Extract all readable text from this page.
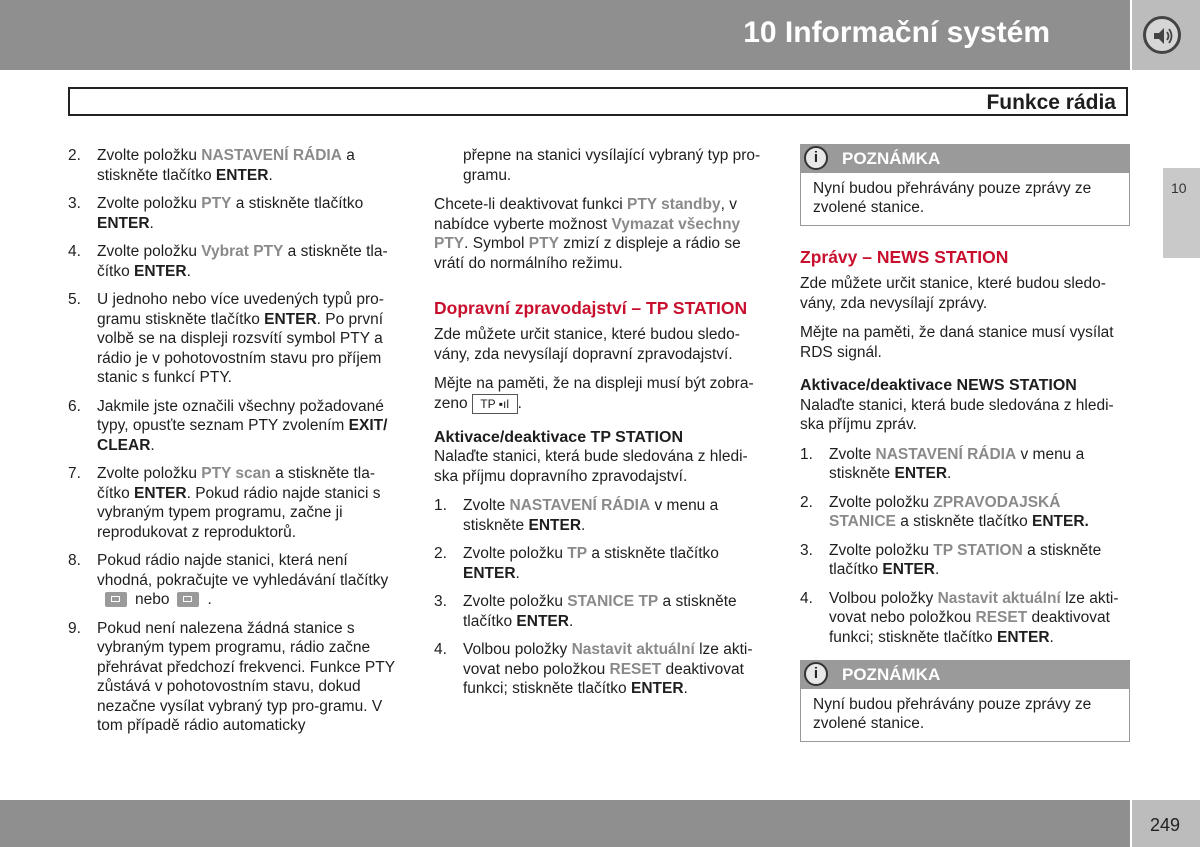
10 Informační systém
Funkce rádia
10
2. Zvolte položku NASTAVENÍ RÁDIA a stiskněte tlačítko ENTER.
3. Zvolte položku PTY a stiskněte tlačítko ENTER.
4. Zvolte položku Vybrat PTY a stiskněte tla-čítko ENTER.
5. U jednoho nebo více uvedených typů pro-gramu stiskněte tlačítko ENTER. Po první volbě se na displeji rozsvítí symbol PTY a rádio je v pohotovostním stavu pro příjem stanic s funkcí PTY.
6. Jakmile jste označili všechny požadované typy, opusťte seznam PTY zvolením EXIT/ CLEAR.
7. Zvolte položku PTY scan a stiskněte tla-čítko ENTER. Pokud rádio najde stanici s vybraným typem programu, začne ji reprodukovat z reproduktorů.
8. Pokud rádio najde stanici, která není vhodná, pokračujte ve vyhledávání tlačítky
nebo .
9. Pokud není nalezena žádná stanice s vybraným typem programu, rádio začne přehrávat předchozí frekvenci. Funkce PTY zůstává v pohotovostním stavu, dokud nezačne vysílat vybraný typ pro-gramu. V tom případě rádio automaticky

přepne na stanici vysílající vybraný typ pro-gramu.

Chcete-li deaktivovat funkci PTY standby, v nabídce vyberte možnost Vymazat všechny PTY. Symbol PTY zmizí z displeje a rádio se vrátí do normálního režimu.

Dopravní zpravodajství – TP STATION

Zde můžete určit stanice, které budou sledo-vány, zda nevysílají dopravní zpravodajství.

Mějte na paměti, že na displeji musí být zobra-zeno TP ▪ıl .

Aktivace/deaktivace TP STATION

Nalaďte stanici, která bude sledována z hledi-ska příjmu dopravního zpravodajství.

1. Zvolte NASTAVENÍ RÁDIA v menu a stiskněte ENTER.
2. Zvolte položku TP a stiskněte tlačítko ENTER.
3. Zvolte položku STANICE TP a stiskněte tlačítko ENTER.
4. Volbou položky Nastavit aktuální lze akti-vovat nebo položkou RESET deaktivovat funkci; stiskněte tlačítko ENTER.
i	POZNÁMKA
Nyní budou přehrávány pouze zprávy ze zvolené stanice.
Zprávy – NEWS STATION

Zde můžete určit stanice, které budou sledo-vány, zda nevysílají zprávy.

Mějte na paměti, že daná stanice musí vysílat RDS signál.

Aktivace/deaktivace NEWS STATION

Nalaďte stanici, která bude sledována z hledi-ska příjmu zpráv.

1. Zvolte NASTAVENÍ RÁDIA v menu a stiskněte ENTER.
2. Zvolte položku ZPRAVODAJSKÁ STANICE a stiskněte tlačítko ENTER.
3. Zvolte položku TP STATION a stiskněte tlačítko ENTER.
4. Volbou položky Nastavit aktuální lze akti-vovat nebo položkou RESET deaktivovat funkci; stiskněte tlačítko ENTER.
i	POZNÁMKA
Nyní budou přehrávány pouze zprávy ze zvolené stanice.
249
